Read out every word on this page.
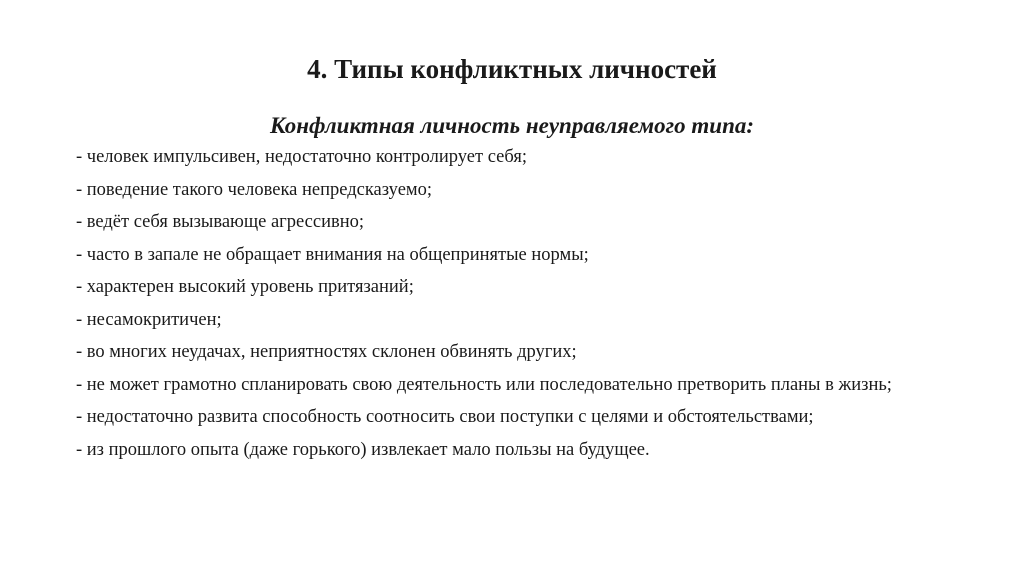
4. Типы конфликтных личностей
Конфликтная личность неуправляемого типа:
- человек импульсивен, недостаточно контролирует себя;
- поведение такого человека непредсказуемо;
- ведёт себя вызывающе агрессивно;
- часто в запале не обращает внимания на общепринятые нормы;
- характерен высокий уровень притязаний;
- несамокритичен;
- во многих неудачах, неприятностях склонен обвинять других;
- не может грамотно спланировать свою деятельность или последовательно претворить планы в жизнь;
- недостаточно развита способность соотносить свои поступки с целями и обстоятельствами;
- из прошлого опыта (даже горького) извлекает мало пользы на будущее.
